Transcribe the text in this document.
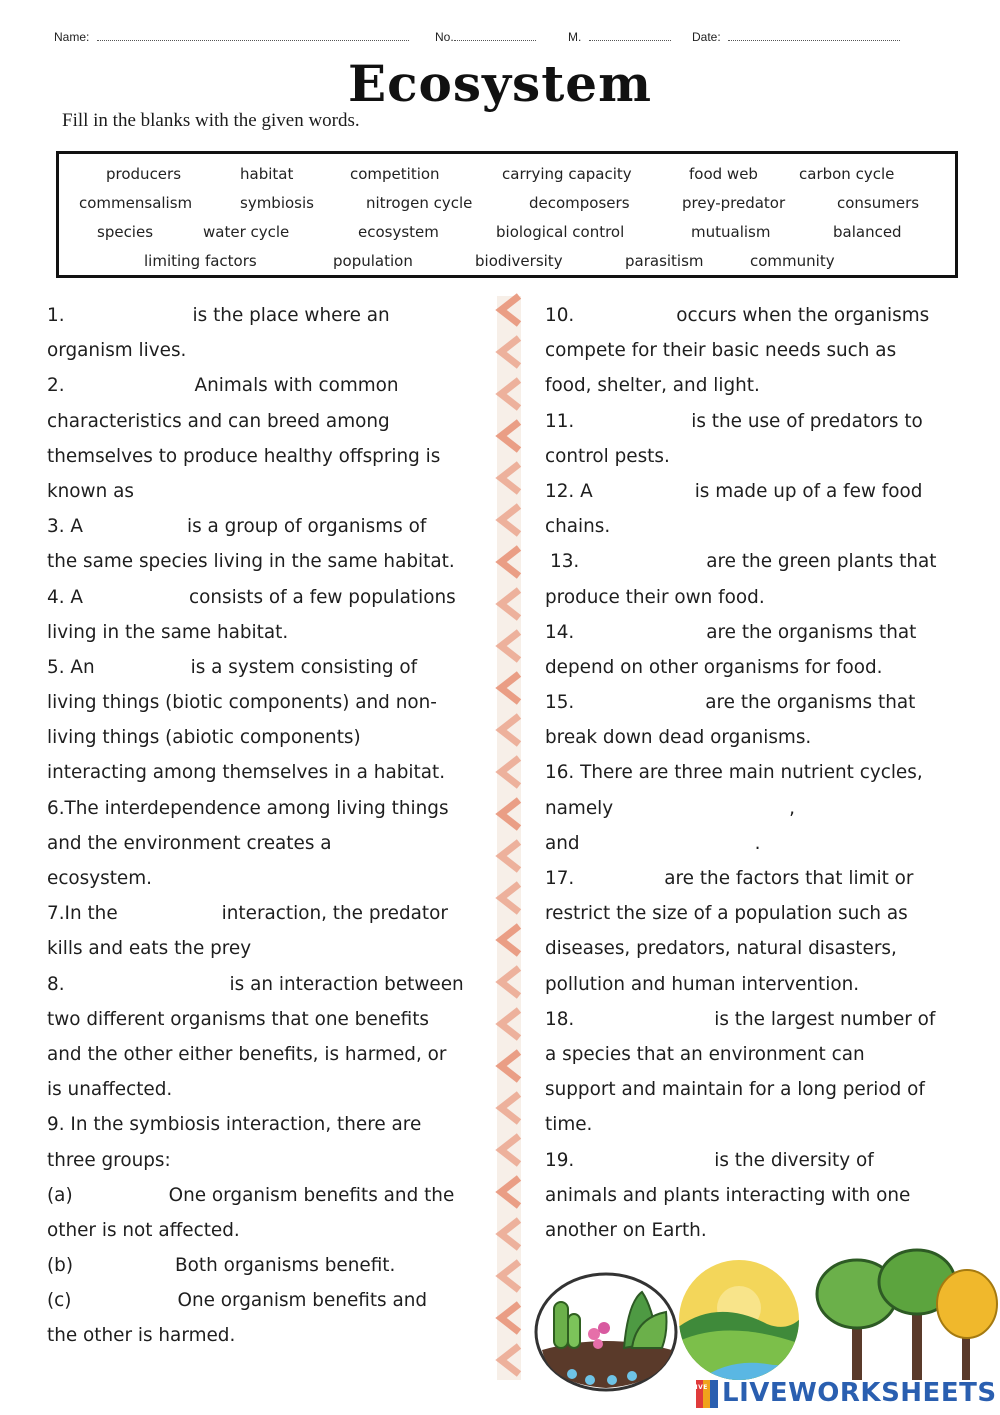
Name:	No.	M.	Date:
Ecosystem
Fill in the blanks with the given words.
producers	habitat	competition	carrying capacity	food web	carbon cycle
commensalism	symbiosis	nitrogen cycle	decomposers	prey-predator	consumers
species	water cycle	ecosystem	biological control	mutualism	balanced
limiting factors	population	biodiversity	parasitism	community
1.	is the place where an
organism lives.
2.	Animals with common
characteristics and can breed among
themselves to produce healthy offspring is
known as
3. A	is a group of organisms of
the same species living in the same habitat.
4. A	consists of a few populations
living in the same habitat.
5. An	is a system consisting of
living things (biotic components) and non-
living things (abiotic components)
interacting among themselves in a habitat.
6.The interdependence among living things
and the environment creates a
ecosystem.
7.In the	interaction, the predator
kills and eats the prey
8.	is an interaction between
two different organisms that one benefits
and the other either benefits, is harmed, or
is unaffected.
9. In the symbiosis interaction, there are
three groups:
(a)	One organism benefits and the
other is not affected.
(b)	Both organisms benefit.
(c)	One organism benefits and
the other is harmed.
10.	occurs when the organisms
compete for their basic needs such as
food, shelter, and light.
11.	is the use of predators to
control pests.
12. A	is made up of a few food
chains.
13.	are the green plants that
produce their own food.
14.	are the organisms that
depend on other organisms for food.
15.	are the organisms that
break down dead organisms.
16. There are three main nutrient cycles,
namely	,
and	.
17.	are the factors that limit or
restrict the size of a population such as
diseases, predators, natural disasters,
pollution and human intervention.
18.	is the largest number of
a species that an environment can
support and maintain for a long period of
time.
19.	is the diversity of
animals and plants interacting with one
another on Earth.
LIVE LIVEWORKSHEETS
